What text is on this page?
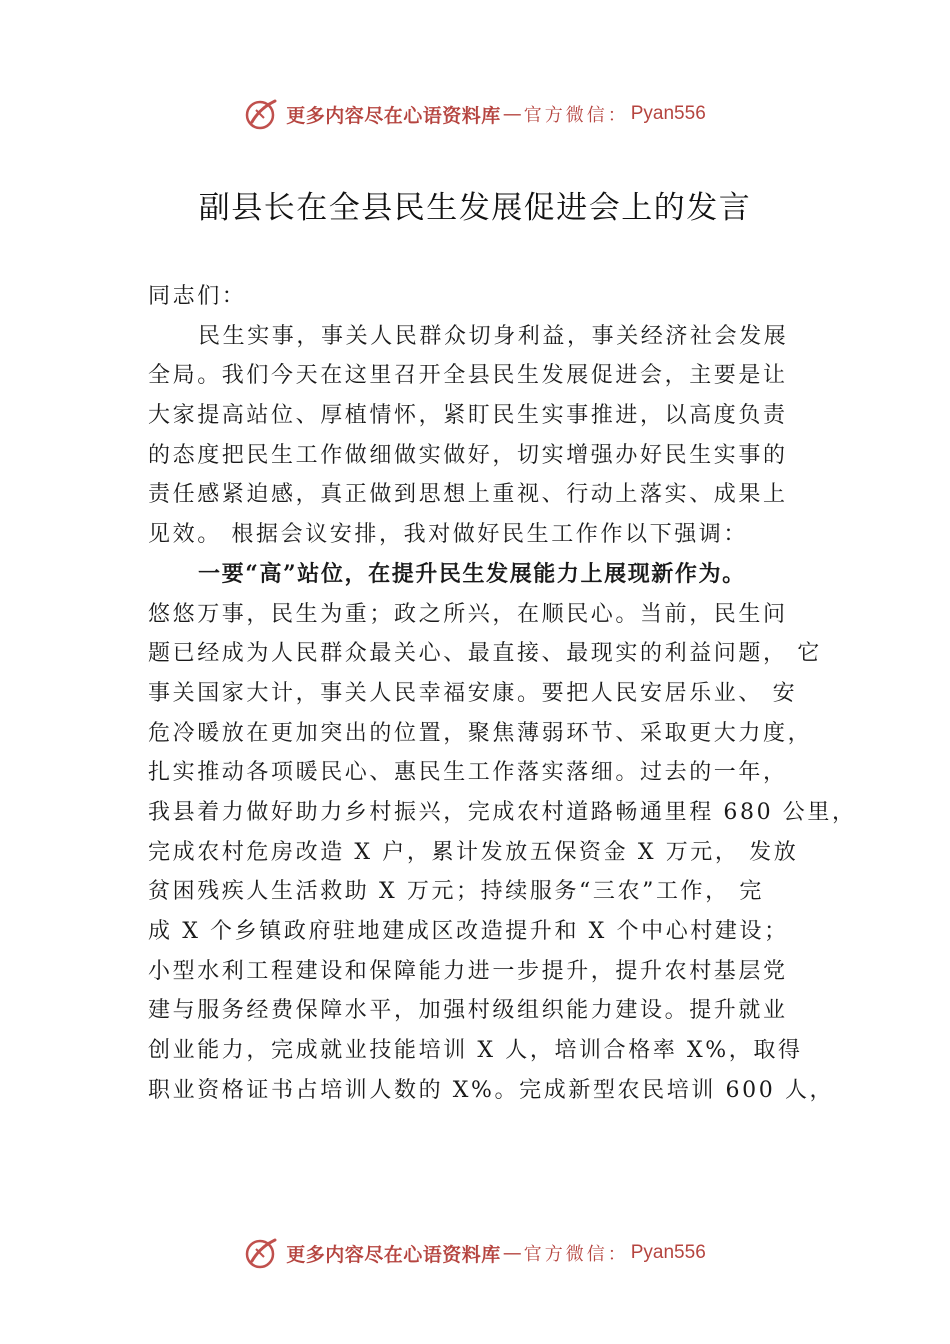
更多内容尽在心语资料库 — 官方微信： Pyan556
副县长在全县民生发展促进会上的发言
同志们：
民生实事，事关人民群众切身利益，事关经济社会发展
全局。我们今天在这里召开全县民生发展促进会，主要是让
大家提高站位、厚植情怀，紧盯民生实事推进，以高度负责
的态度把民生工作做细做实做好，切实增强办好民生实事的
责任感紧迫感，真正做到思想上重视、行动上落实、成果上
见效。 根据会议安排，我对做好民生工作作以下强调：
一要“高”站位，在提升民生发展能力上展现新作为。
悠悠万事，民生为重；政之所兴，在顺民心。当前，民生问
题已经成为人民群众最关心、最直接、最现实的利益问题， 它
事关国家大计，事关人民幸福安康。要把人民安居乐业、 安
危冷暖放在更加突出的位置，聚焦薄弱环节、采取更大力度，
扎实推动各项暖民心、惠民生工作落实落细。过去的一年，
我县着力做好助力乡村振兴，完成农村道路畅通里程 680 公里，
完成农村危房改造 X 户，累计发放五保资金 X 万元， 发放
贫困残疾人生活救助 X 万元；持续服务“三农”工作， 完
成 X 个乡镇政府驻地建成区改造提升和 X 个中心村建设；
小型水利工程建设和保障能力进一步提升，提升农村基层党
建与服务经费保障水平，加强村级组织能力建设。提升就业
创业能力，完成就业技能培训 X 人，培训合格率 X%，取得
职业资格证书占培训人数的 X%。完成新型农民培训 600 人，
更多内容尽在心语资料库 — 官方微信： Pyan556
